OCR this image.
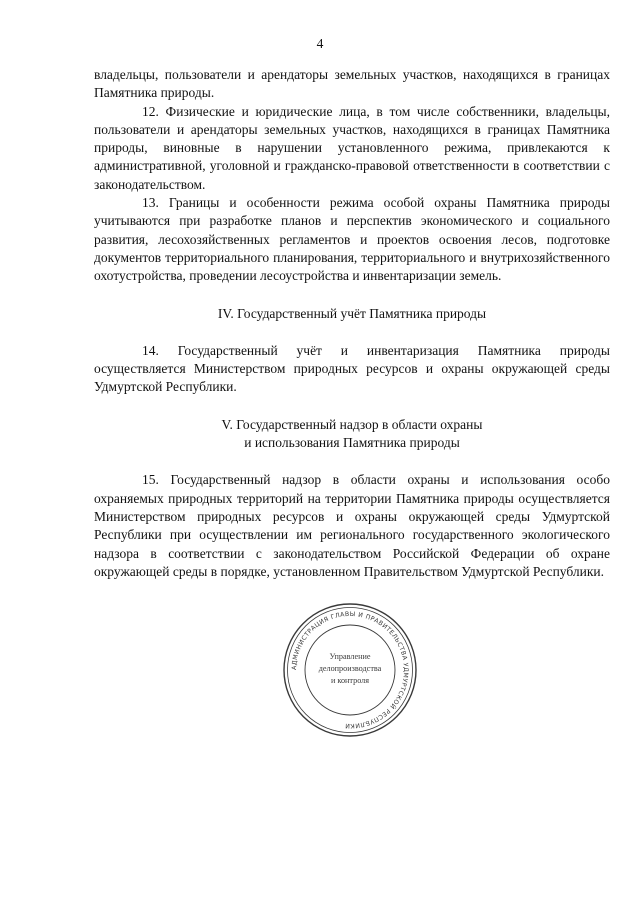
4

владельцы, пользователи и арендаторы земельных участков, находящихся в границах Памятника природы.

12. Физические и юридические лица, в том числе собственники, владельцы, пользователи и арендаторы земельных участков, находящихся в границах Памятника природы, виновные в нарушении установленного режима, привлекаются к административной, уголовной и гражданско-правовой ответственности в соответствии с законодательством.

13. Границы и особенности режима особой охраны Памятника природы учитываются при разработке планов и перспектив экономического и социального развития, лесохозяйственных регламентов и проектов освоения лесов, подготовке документов территориального планирования, территориального и внутрихозяйственного охотустройства, проведении лесоустройства и инвентаризации земель.

IV. Государственный учёт Памятника природы

14. Государственный учёт и инвентаризация Памятника природы осуществляется Министерством природных ресурсов и охраны окружающей среды Удмуртской Республики.

V. Государственный надзор в области охраны

и использования Памятника природы

15. Государственный надзор в области охраны и использования особо охраняемых природных территорий на территории Памятника природы осуществляется Министерством природных ресурсов и охраны окружающей среды Удмуртской Республики при осуществлении им регионального государственного экологического надзора в соответствии с законодательством Российской Федерации об охране окружающей среды в порядке, установленном Правительством Удмуртской Республики.

АДМИНИСТРАЦИЯ ГЛАВЫ И ПРАВИТЕЛЬСТВА УДМУРТСКОЙ РЕСПУБЛИКИ
Управление
делопроизводства
и контроля
